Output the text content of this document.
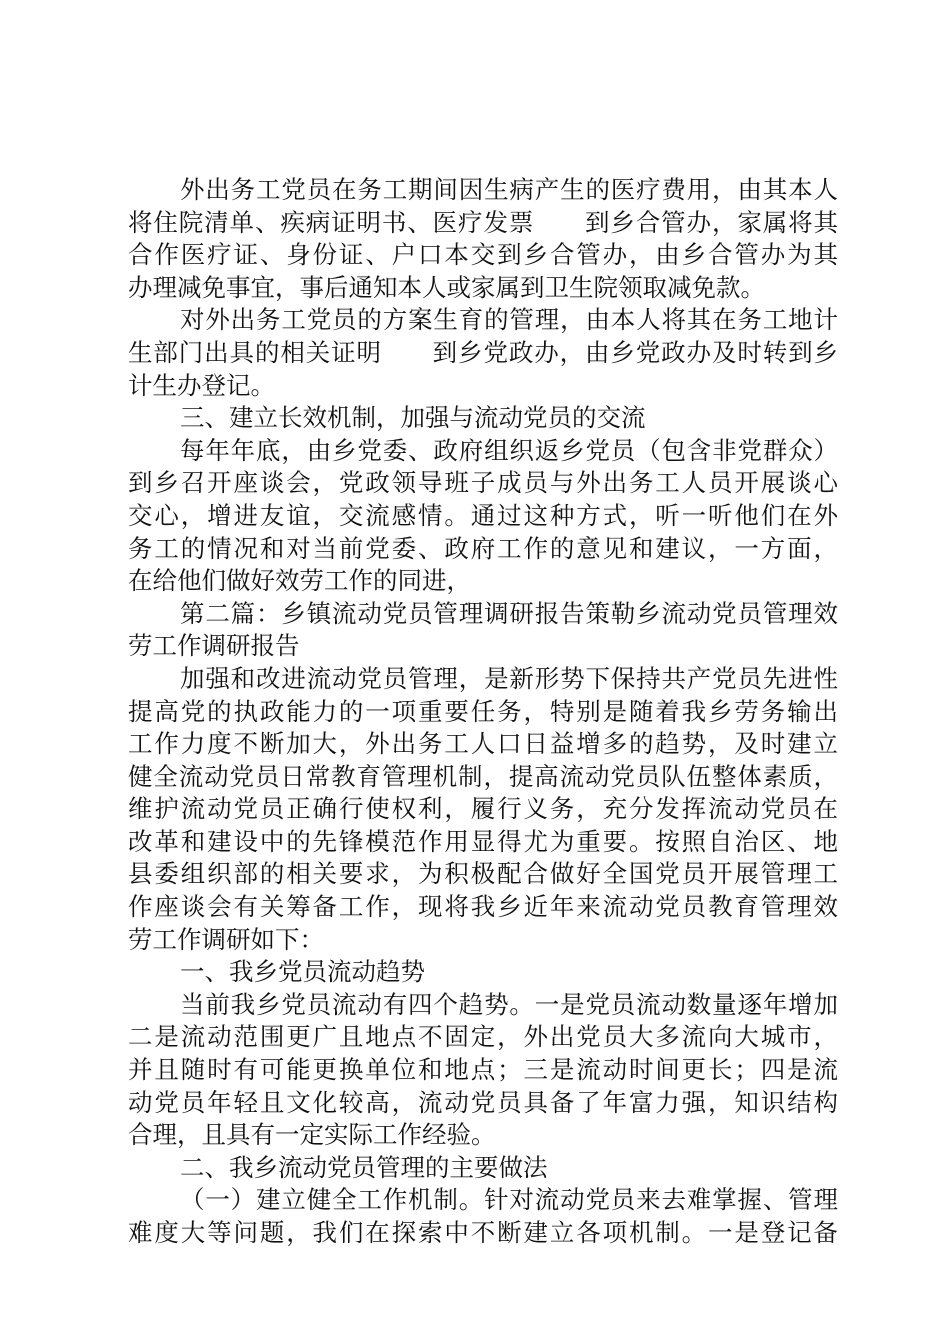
外出务工党员在务工期间因生病产生的医疗费用，由其本人
将住院清单、疾病证明书、医疗发票　　到乡合管办，家属将其
合作医疗证、身份证、户口本交到乡合管办，由乡合管办为其
办理减免事宜，事后通知本人或家属到卫生院领取减免款。
对外出务工党员的方案生育的管理，由本人将其在务工地计
生部门出具的相关证明　　到乡党政办，由乡党政办及时转到乡
计生办登记。
三、建立长效机制，加强与流动党员的交流
每年年底，由乡党委、政府组织返乡党员（包含非党群众）
到乡召开座谈会，党政领导班子成员与外出务工人员开展谈心
交心，增进友谊，交流感情。通过这种方式，听一听他们在外
务工的情况和对当前党委、政府工作的意见和建议，一方面，
在给他们做好效劳工作的同进，
第二篇：乡镇流动党员管理调研报告策勒乡流动党员管理效
劳工作调研报告
加强和改进流动党员管理，是新形势下保持共产党员先进性
提高党的执政能力的一项重要任务，特别是随着我乡劳务输出
工作力度不断加大，外出务工人口日益增多的趋势，及时建立
健全流动党员日常教育管理机制，提高流动党员队伍整体素质，
维护流动党员正确行使权利，履行义务，充分发挥流动党员在
改革和建设中的先锋模范作用显得尤为重要。按照自治区、地
县委组织部的相关要求，为积极配合做好全国党员开展管理工
作座谈会有关筹备工作，现将我乡近年来流动党员教育管理效
劳工作调研如下：
一、我乡党员流动趋势
当前我乡党员流动有四个趋势。一是党员流动数量逐年增加
二是流动范围更广且地点不固定，外出党员大多流向大城市，
并且随时有可能更换单位和地点；三是流动时间更长；四是流
动党员年轻且文化较高，流动党员具备了年富力强，知识结构
合理，且具有一定实际工作经验。
二、我乡流动党员管理的主要做法
（一）建立健全工作机制。针对流动党员来去难掌握、管理
难度大等问题，我们在探索中不断建立各项机制。一是登记备
